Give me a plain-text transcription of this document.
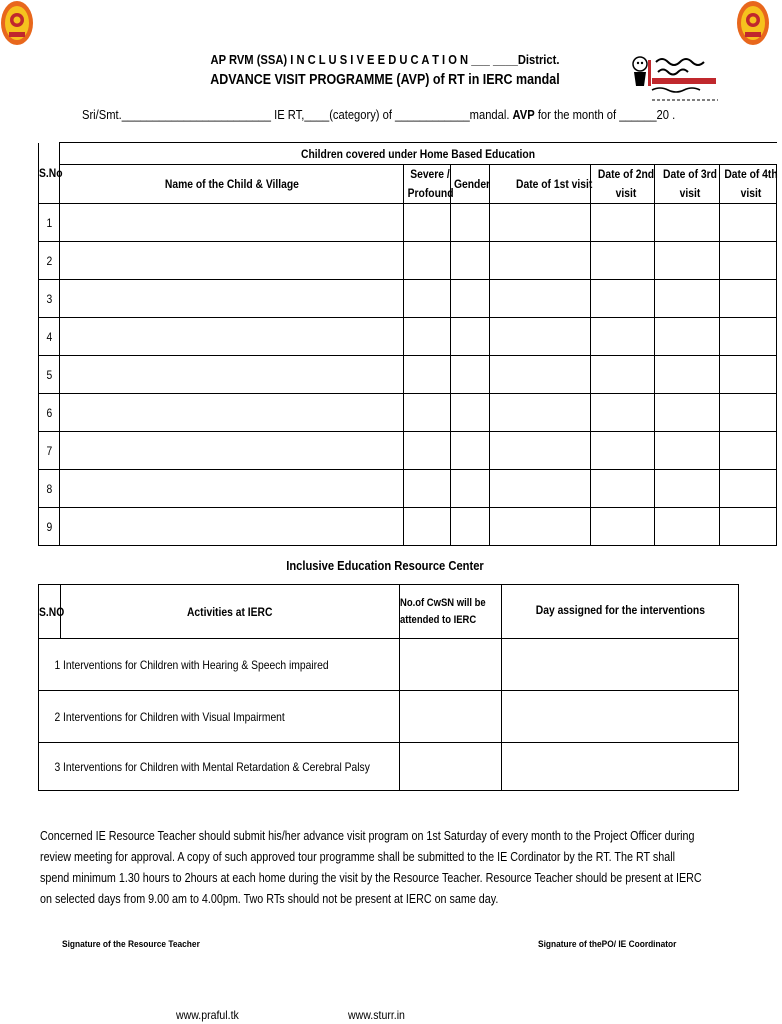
AP RVM (SSA) I N C L U S I V E E D U C A T I O N ___ ____District.
ADVANCE VISIT PROGRAMME (AVP) of RT in IERC mandal
Sri/Smt.________________________ IE RT,____(category) of ____________mandal. AVP for the month of ______20 .
S.No	Children covered under Home Based Education						
	Name of the Child & Village	Severe / Profound	Gender	Date of 1st visit	Date of 2nd visit	Date of 3rd visit	Date of 4th visit
1							
2							
3							
4							
5							
6							
7							
8							
9							
Inclusive Education Resource Center
S.NO	Activities at IERC	No.of CwSN will be attended to IERC	Day assigned for the interventions
1	Interventions for Children with Hearing & Speech impaired		
2	Interventions for Children with Visual Impairment		
3	Interventions for Children with Mental Retardation & Cerebral Palsy		
Concerned IE Resource Teacher should submit his/her advance visit program on 1st Saturday of every month to the Project Officer during review meeting for approval. A copy of such approved tour programme shall be submitted to the IE Cordinator by the RT. The RT shall spend minimum 1.30 hours to 2hours at each home during the visit by the Resource Teacher. Resource Teacher should be present at IERC on selected days from 9.00 am to 4.00pm. Two RTs should not be present at IERC on same day.
Signature of the Resource Teacher	Signature of thePO/ IE Coordinator
www.praful.tk	www.sturr.in
